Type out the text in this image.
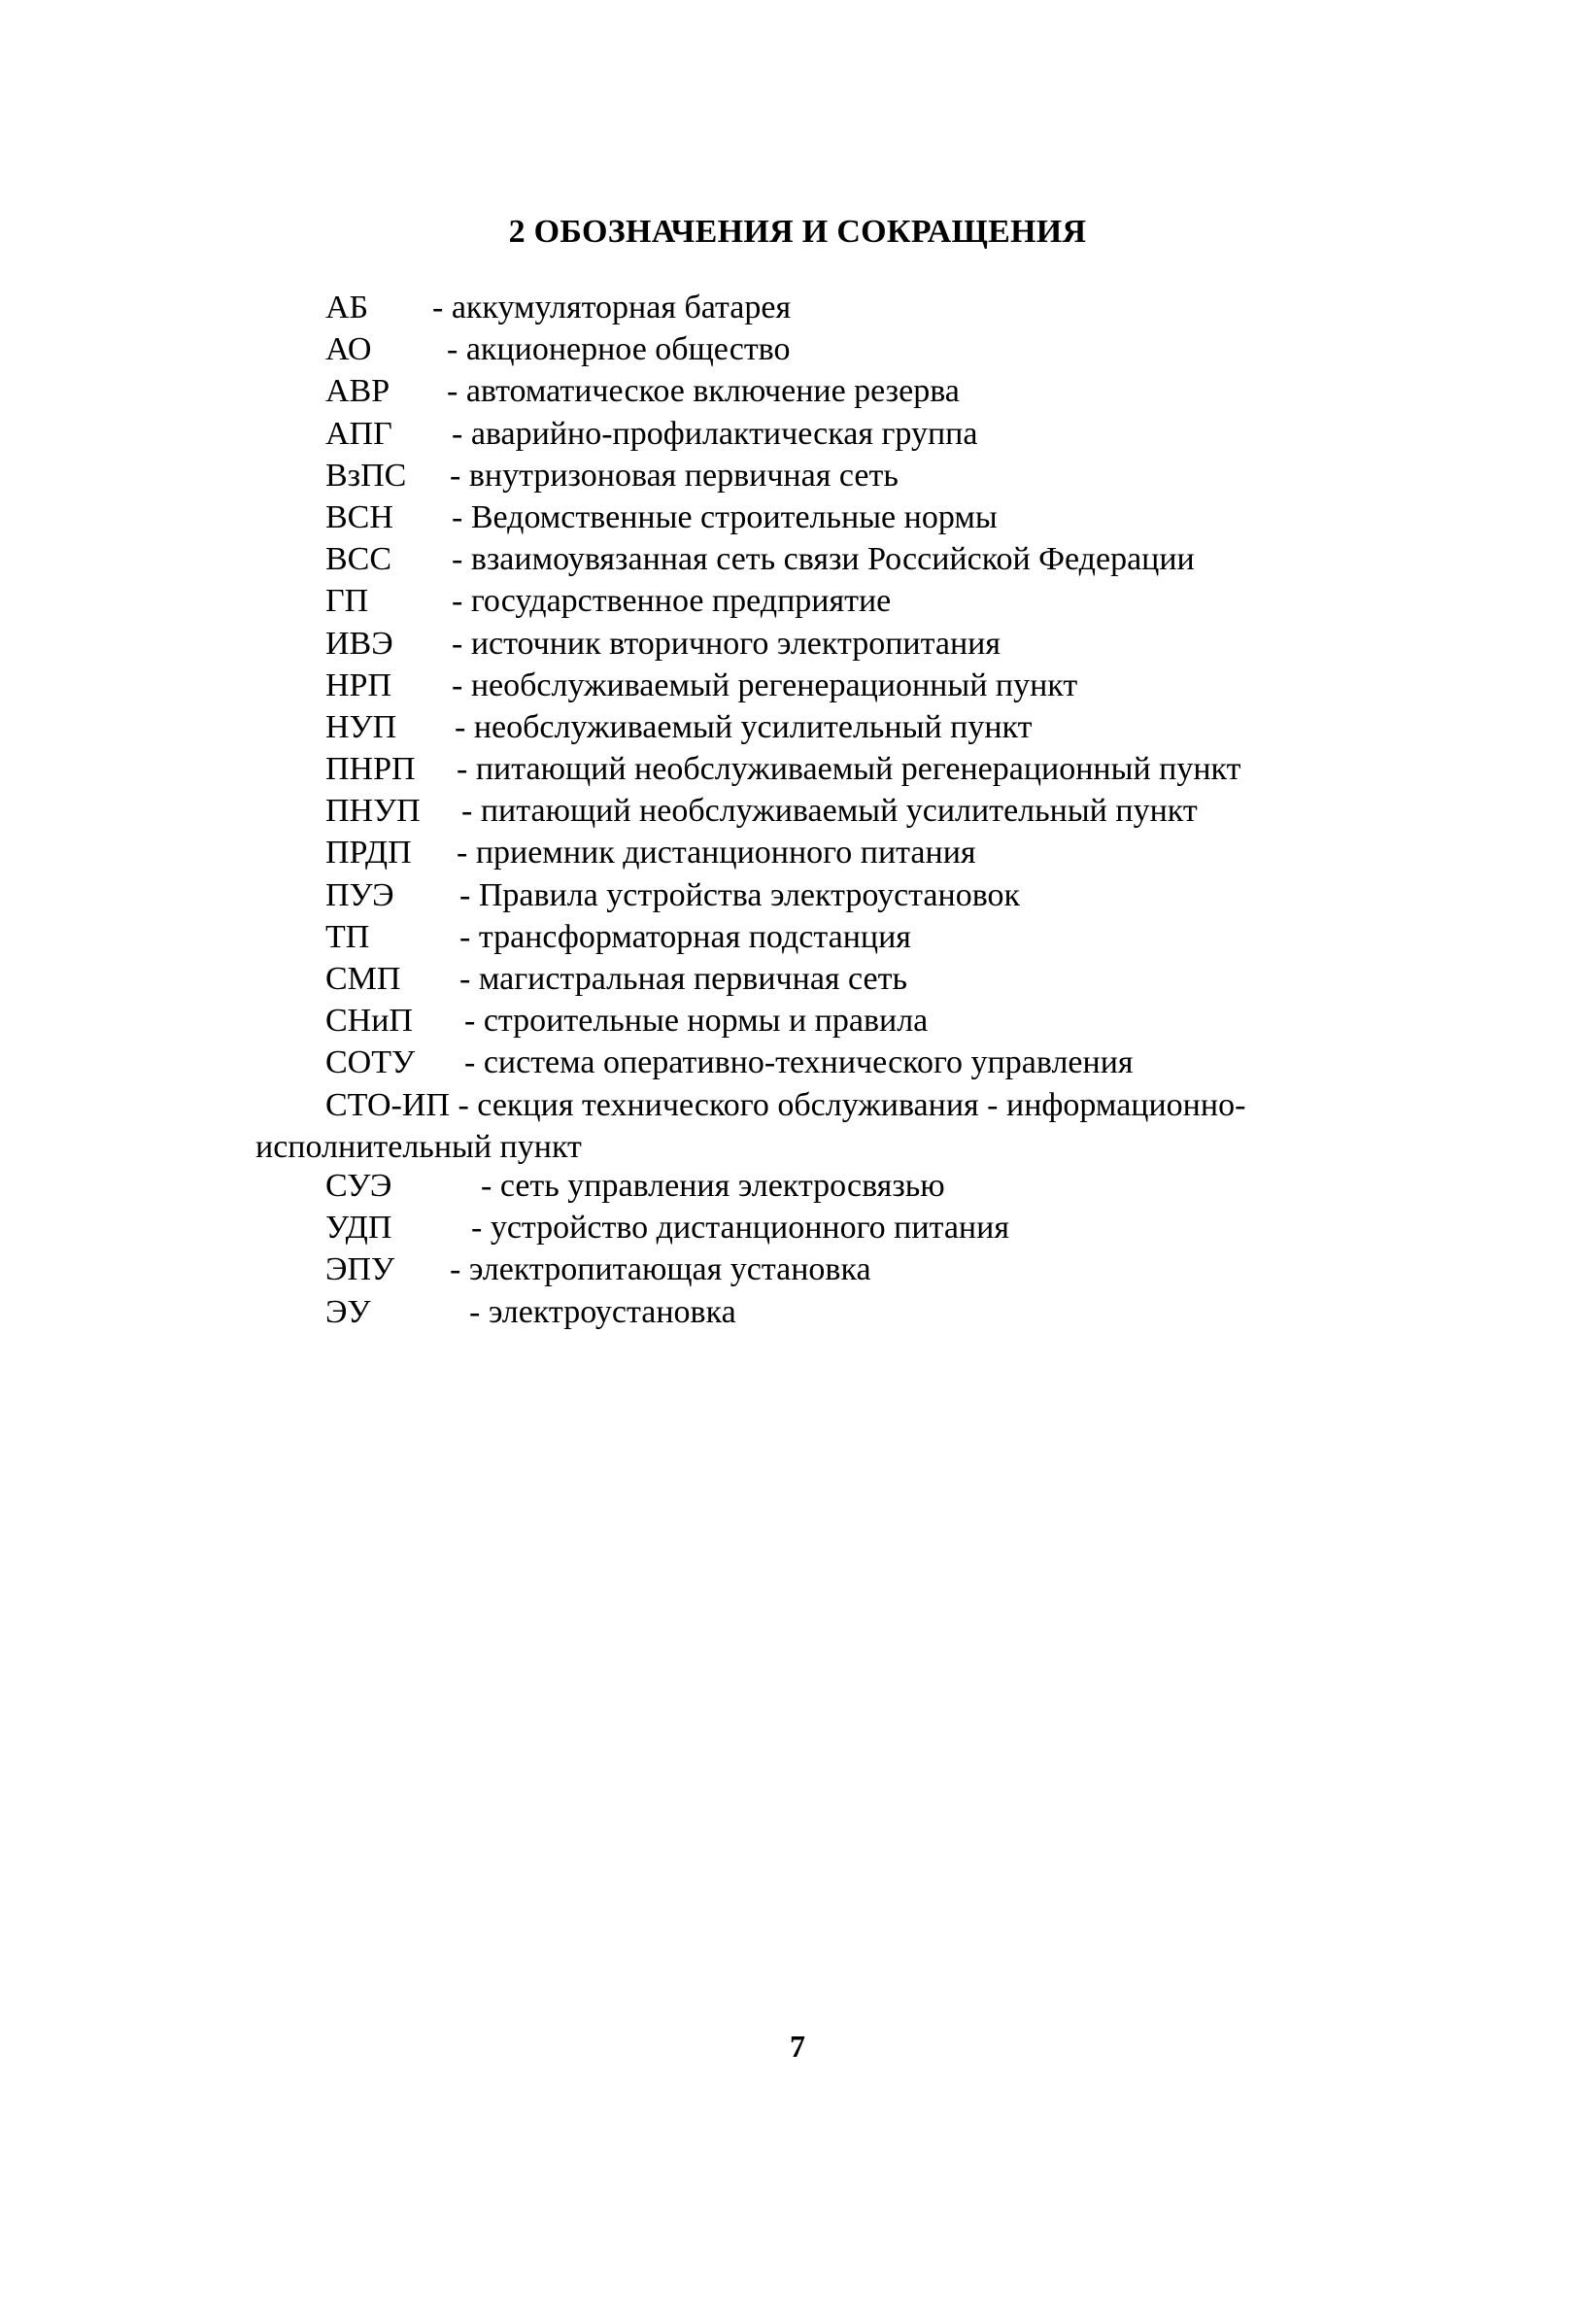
2 ОБОЗНАЧЕНИЯ И СОКРАЩЕНИЯ
АБ	- аккумуляторная батарея
АО	- акционерное общество
АВР	- автоматическое включение резерва
АПГ	- аварийно-профилактическая группа
ВзПС	- внутризоновая первичная сеть
ВСН	- Ведомственные строительные нормы
ВСС	- взаимоувязанная сеть связи Российской Федерации
ГП	- государственное предприятие
ИВЭ	- источник вторичного электропитания
НРП	- необслуживаемый регенерационный пункт
НУП	- необслуживаемый усилительный пункт
ПНРП	- питающий необслуживаемый регенерационный пункт
ПНУП	- питающий необслуживаемый усилительный пункт
ПРДП	- приемник дистанционного питания
ПУЭ	- Правила устройства электроустановок
ТП	- трансформаторная подстанция
СМП	- магистральная первичная сеть
СНиП	- строительные нормы и правила
СОТУ	- система оперативно-технического управления
СТО-ИП - секция технического обслуживания - информационно-
исполнительный пункт
СУЭ	- сеть управления электросвязью
УДП	- устройство дистанционного питания
ЭПУ	- электропитающая установка
ЭУ	- электроустановка
7
